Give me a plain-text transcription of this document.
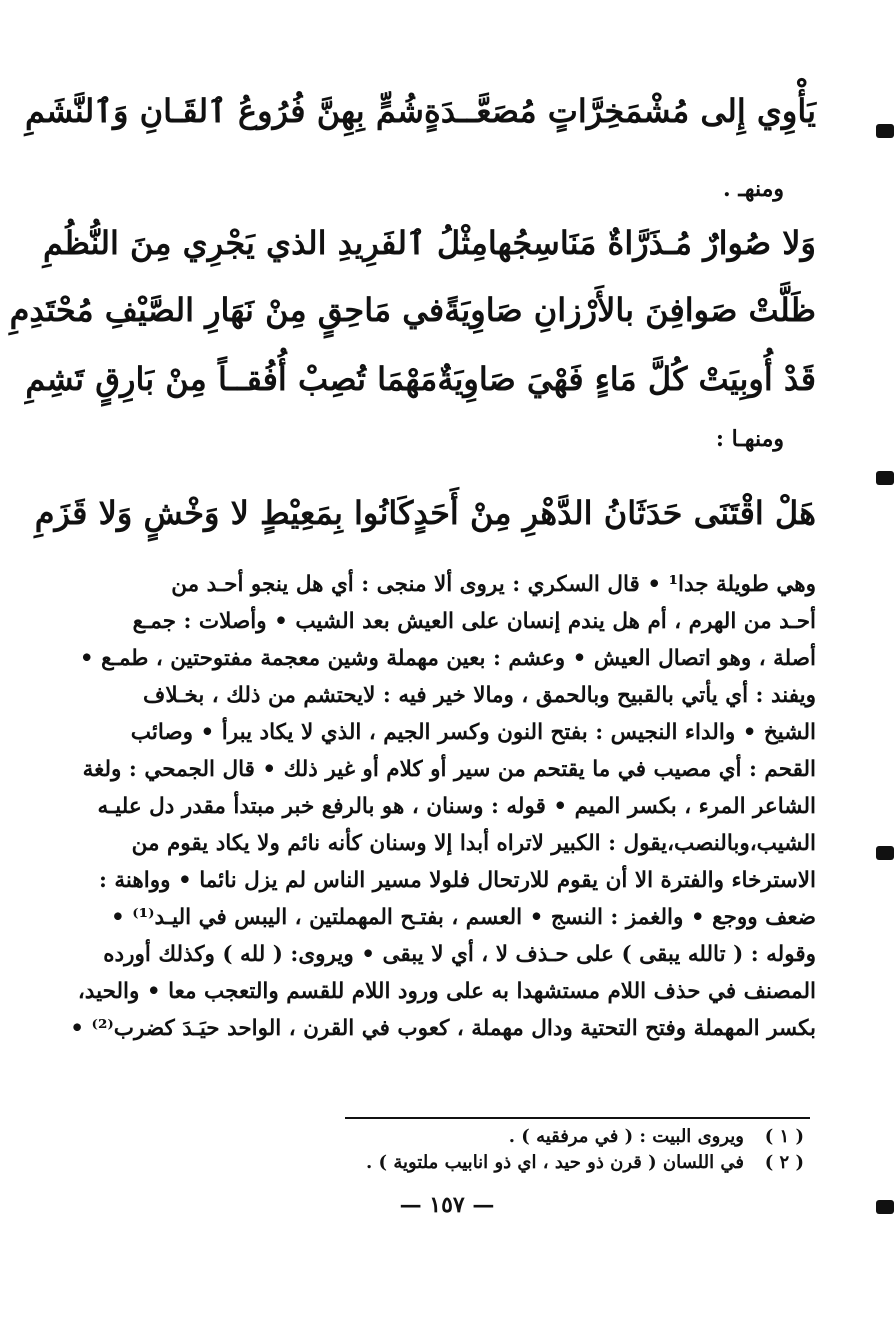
يَأْوِي إِلى مُشْمَخِرَّاتٍ مُصَعَّــدَةٍ
شُمٍّ بِهِنَّ فُرُوعُ ٱلقَـانِ وَٱلنَّشَمِ
ومنهـ .
وَلا صُوارٌ مُـذَرَّاةٌ مَنَاسِجُها
مِثْلُ ٱلفَرِيدِ الذي يَجْرِي مِنَ النُّظُمِ
ظَلَّتْ صَوافِنَ بالأَرْزانِ صَاوِيَةً
في مَاحِقٍ مِنْ نَهَارِ الصَّيْفِ مُحْتَدِمِ
قَدْ أُوبِيَتْ كُلَّ مَاءٍ فَهْيَ صَاوِيَةٌ
مَهْمَا تُصِبْ أُفُقــاً مِنْ بَارِقٍ تَشِمِ
ومنهـا :
هَلْ اقْتَنَى حَدَثَانُ الدَّهْرِ مِنْ أَحَدٍ
كَانُوا بِمَعِيْطٍ لا وَخْشٍ وَلا قَزَمِ

وهي طويلة جدا¹ • قال السكري : يروى ألا منجى : أي هل ينجو أحـد من

أحـد من الهرم ، أم هل يندم إنسان على العيش بعد الشيب • وأصلات : جمـع

أصلة ، وهو اتصال العيش • وعشم : بعين مهملة وشين معجمة مفتوحتين ، طمـع •

ويفند : أي يأتي بالقبيح وبالحمق ، ومالا خير فيه : لايحتشم من ذلك ، بخـلاف

الشيخ • والداء النجيس : بفتح النون وكسر الجيم ، الذي لا يكاد يبرأ • وصائب

القحم : أي مصيب في ما يقتحم من سير أو كلام أو غير ذلك • قال الجمحي : ولغة

الشاعر المرء ، بكسر الميم • قوله : وسنان ، هو بالرفع خبر مبتدأ مقدر دل عليـه

الشيب،وبالنصب،يقول : الكبير لاتراه أبدا إلا وسنان كأنه نائم ولا يكاد يقوم من

الاسترخاء والفترة الا أن يقوم للارتحال فلولا مسير الناس لم يزل نائما • وواهنة :

ضعف ووجع • والغمز : النسج • العسم ، بفتـح المهملتين ، اليبس في اليـد⁽¹⁾ •

وقوله : ( تالله يبقى ) على حـذف لا ، أي لا يبقى • ويروى: ( لله ) وكذلك أورده

المصنف في حذف اللام مستشهدا به على ورود اللام للقسم والتعجب معا • والحيد،

بكسر المهملة وفتح التحتية ودال مهملة ، كعوب في القرن ، الواحد حيَـدَ كضرب⁽²⁾ •

( ١ )
ويروى البيت : ( في مرفقيه ) .
( ٢ )
في اللسان ( قرن ذو حيد ، اي ذو انابيب ملتوية ) .
— ١٥٧ —
